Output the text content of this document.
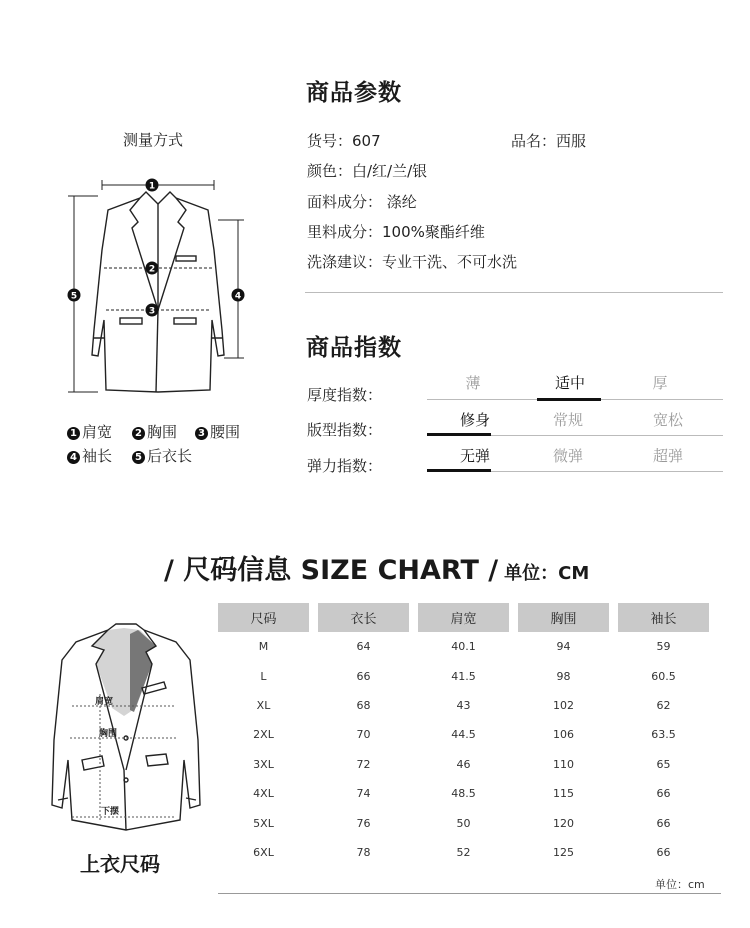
商品参数
测量方式	货号：607	品名：西服
颜色：白/红/兰/银
面料成分： 涤纶
里料成分：100%聚酯纤维
洗涤建议：专业干洗、不可水洗
1
2
3
5	4
1 肩宽	2 胸围	3 腰围
4 袖长	5 后衣长
商品指数
厚度指数：
薄	适中	厚
版型指数：
修身	常规	宽松
弹力指数：
无弹	微弹	超弹
/ 尺码信息 SIZE CHART / 单位：CM
肩宽
胸围
下摆
上衣尺码
尺码	衣长	肩宽	胸围	袖长
M	64	40.1	94	59
L	66	41.5	98	60.5
XL	68	43	102	62
2XL	70	44.5	106	63.5
3XL	72	46	110	65
4XL	74	48.5	115	66
5XL	76	50	120	66
6XL	78	52	125	66
单位：cm
